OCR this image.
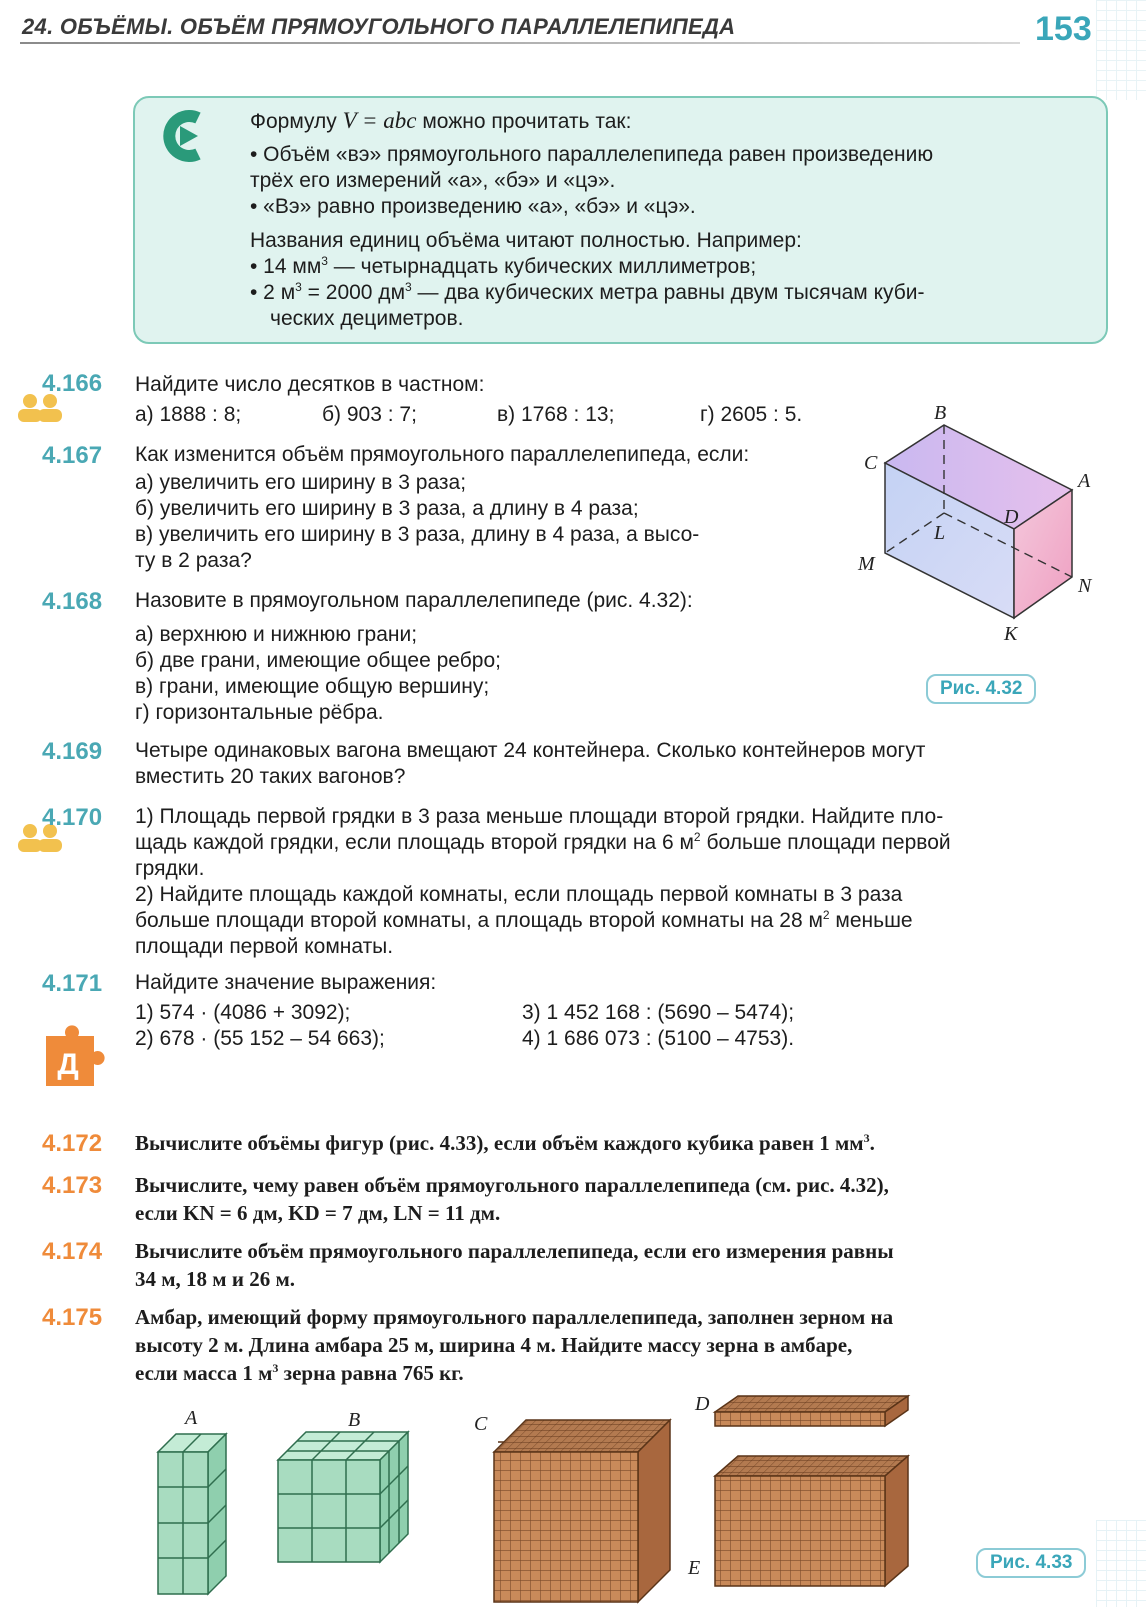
24. ОБЪЁМЫ. ОБЪЁМ ПРЯМОУГОЛЬНОГО ПАРАЛЛЕЛЕПИПЕДА	153
Формулу V = abc можно прочитать так:
• Объём «вэ» прямоугольного параллелепипеда равен произведению
трёх его измерений «а», «бэ» и «цэ».
• «Вэ» равно произведению «а», «бэ» и «цэ».
Названия единиц объёма читают полностью. Например:
• 14 $мм^3$ — четырнадцать кубических миллиметров;
• 2 $м^3 = 2000$ $дм^3$ — два кубических метра равны двум тысячам куби-
ческих дециметров.
4.166 Найдите число десятков в частном:
а) 1888 : 8;	б) 903 : 7;	в) 1768 : 13;	г) 2605 : 5.
4.167 Как изменится объём прямоугольного параллелепипеда, если:
а) увеличить его ширину в 3 раза;
б) увеличить его ширину в 3 раза, а длину в 4 раза;
в) увеличить его ширину в 3 раза, длину в 4 раза, а высо-
ту в 2 раза?
B
C
A
D
L
M
N
K
Рис. 4.32
4.168 Назовите в прямоугольном параллелепипеде (рис. 4.32):
а) верхнюю и нижнюю грани;
б) две грани, имеющие общее ребро;
в) грани, имеющие общую вершину;
г) горизонтальные рёбра.
4.169 Четыре одинаковых вагона вмещают 24 контейнера. Сколько контейнеров могут
вместить 20 таких вагонов?
4.170 1) Площадь первой грядки в 3 раза меньше площади второй грядки. Найдите пло-
щадь каждой грядки, если площадь второй грядки на 6 $м^2$ больше площади первой
грядки.
2) Найдите площадь каждой комнаты, если площадь первой комнаты в 3 раза
больше площади второй комнаты, а площадь второй комнаты на 28 $м^2$ меньше
площади первой комнаты.
4.171 Найдите значение выражения:
1) 574 · (4086 + 3092);
2) 678 · (55 152 – 54 663);
3) 1 452 168 : (5690 – 5474);
4) 1 686 073 : (5100 – 4753).
Д
4.172 Вычислите объёмы фигур (рис. 4.33), если объём каждого кубика равен 1 $мм^3$.
4.173 Вычислите, чему равен объём прямоугольного параллелепипеда (см. рис. 4.32),
если KN = 6 дм, KD = 7 дм, LN = 11 дм.
4.174 Вычислите объём прямоугольного параллелепипеда, если его измерения равны
34 м, 18 м и 26 м.
4.175 Амбар, имеющий форму прямоугольного параллелепипеда, заполнен зерном на
высоту 2 м. Длина амбара 25 м, ширина 4 м. Найдите массу зерна в амбаре,
если масса 1 $м^3$ зерна равна 765 кг.
A	B	C
D
E	Рис. 4.33
